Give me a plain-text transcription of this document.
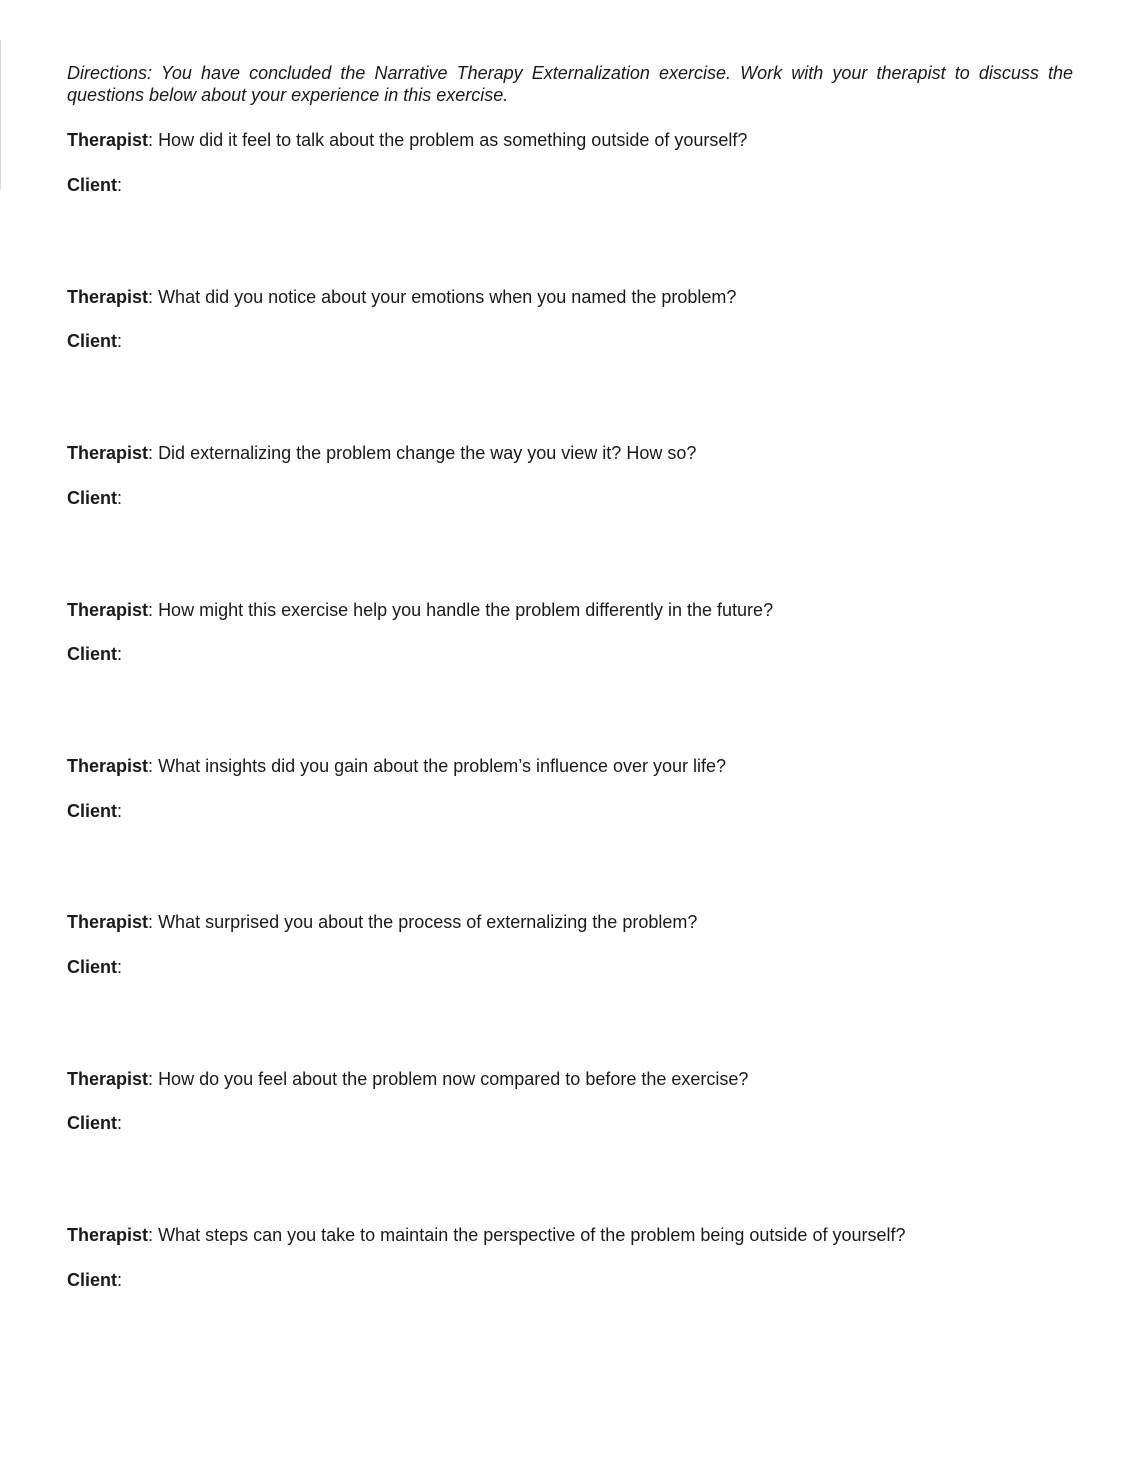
Directions: You have concluded the Narrative Therapy Externalization exercise. Work with your therapist to discuss the questions below about your experience in this exercise.

Therapist: How did it feel to talk about the problem as something outside of yourself?
Client:
Therapist: What did you notice about your emotions when you named the problem?
Client:
Therapist: Did externalizing the problem change the way you view it? How so?
Client:
Therapist: How might this exercise help you handle the problem differently in the future?
Client:
Therapist: What insights did you gain about the problem’s influence over your life?
Client:
Therapist: What surprised you about the process of externalizing the problem?
Client:
Therapist: How do you feel about the problem now compared to before the exercise?
Client:
Therapist: What steps can you take to maintain the perspective of the problem being outside of yourself?
Client:
